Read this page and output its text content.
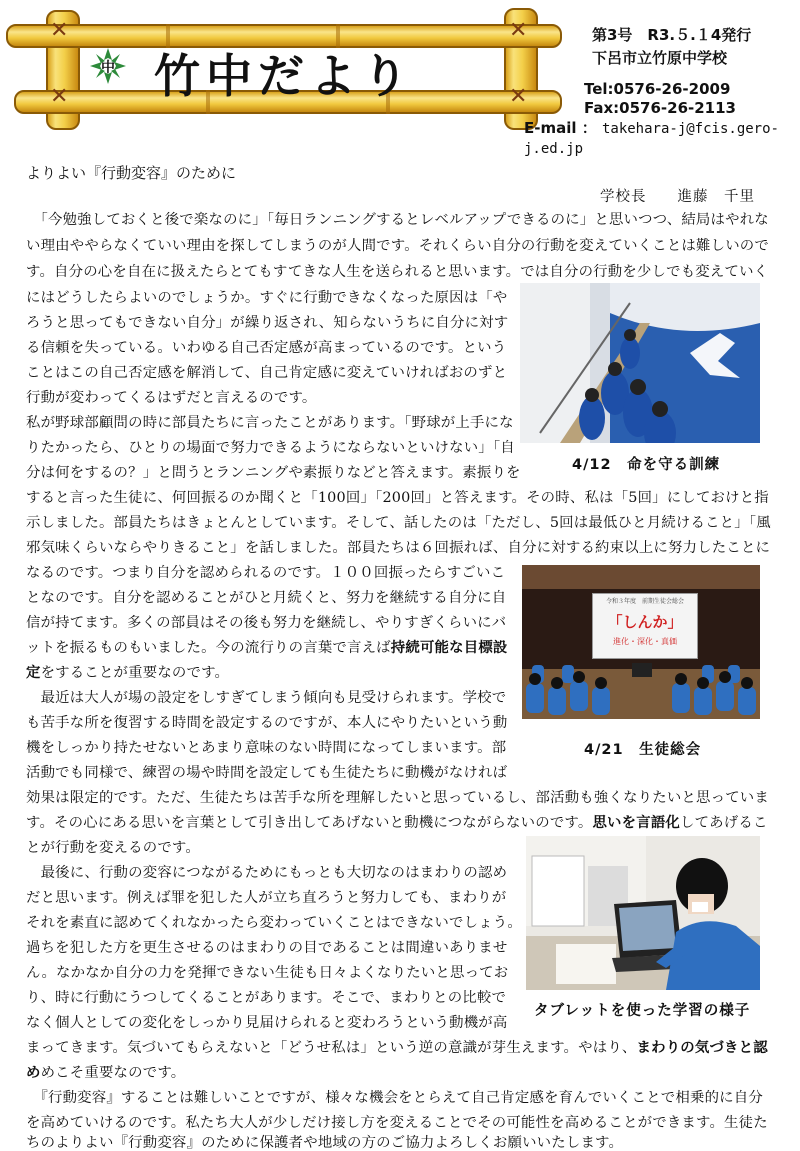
✕	✕
✕	✕
中 竹中だより
第3号　R3.５.１4発行
下呂市立竹原中学校
Tel:0576-26-2009
Fax:0576-26-2113
E-mail ： takehara-j@fcis.gero-j.ed.jp
よりよい『行動変容』のために
学校長　　進藤　千里
　「今勉強しておくと後で楽なのに」「毎日ランニングするとレベルアップできるのに」と思いつつ、結局はやれな
い理由ややらなくていい理由を探してしまうのが人間です。それくらい自分の行動を変えていくことは難しいので
す。自分の心を自在に扱えたらとてもすてきな人生を送られると思います。では自分の行動を少しでも変えていく
にはどうしたらよいのでしょうか。すぐに行動できなくなった原因は「や
ろうと思ってもできない自分」が繰り返され、知らないうちに自分に対す
る信頼を失っている。いわゆる自己否定感が高まっているのです。という
ことはこの自己否定感を解消して、自己肯定感に変えていければおのずと
行動が変わってくるはずだと言えるのです。
私が野球部顧問の時に部員たちに言ったことがあります。「野球が上手にな
りたかったら、ひとりの場面で努力できるようにならないといけない」「自
分は何をするの？」と問うとランニングや素振りなどと答えます。素振りを
すると言った生徒に、何回振るのか聞くと「100回」「200回」と答えます。その時、私は「5回」にしておけと指
示しました。部員たちはきょとんとしています。そして、話したのは「ただし、5回は最低ひと月続けること」「風
邪気味くらいならやりきること」を話しました。部員たちは６回振れば、自分に対する約束以上に努力したことに
なるのです。つまり自分を認められるのです。１００回振ったらすごいこ
となのです。自分を認めることがひと月続くと、努力を継続する自分に自
信が持てます。多くの部員はその後も努力を継続し、やりすぎくらいにバ
ットを振るものもいました。今の流行りの言葉で言えば持続可能な目標設
定をすることが重要なのです。
　最近は大人が場の設定をしすぎてしまう傾向も見受けられます。学校で
も苦手な所を復習する時間を設定するのですが、本人にやりたいという動
機をしっかり持たせないとあまり意味のない時間になってしまいます。部
活動でも同様で、練習の場や時間を設定しても生徒たちに動機がなければ
効果は限定的です。ただ、生徒たちは苦手な所を理解したいと思っているし、部活動も強くなりたいと思っていま
す。その心にある思いを言葉として引き出してあげないと動機につながらないのです。思いを言語化してあげるこ
とが行動を変えるのです。
　最後に、行動の変容につながるためにもっとも大切なのはまわりの認め
だと思います。例えば罪を犯した人が立ち直ろうと努力しても、まわりが
それを素直に認めてくれなかったら変わっていくことはできないでしょう。
過ちを犯した方を更生させるのはまわりの目であることは間違いありませ
ん。なかなか自分の力を発揮できない生徒も日々よくなりたいと思ってお
り、時に行動にうつしてくることがあります。そこで、まわりとの比較で
なく個人としての変化をしっかり見届けられると変わろうという動機が高
まってきます。気づいてもらえないと「どうせ私は」という逆の意識が芽生えます。やはり、まわりの気づきと認
めめこそ重要なのです。
　『行動変容』することは難しいことですが、様々な機会をとらえて自己肯定感を育んでいくことで相乗的に自分
を高めていけるのです。私たち大人が少しだけ接し方を変えることでその可能性を高めることができます。生徒た
ちのよりよい『行動変容』のために保護者や地域の方のご協力よろしくお願いいたします。
4/12　命を守る訓練
令和３年度　前期生徒会総会
「しんか」
進化・深化・真価
4/21　生徒総会
タブレットを使った学習の様子
